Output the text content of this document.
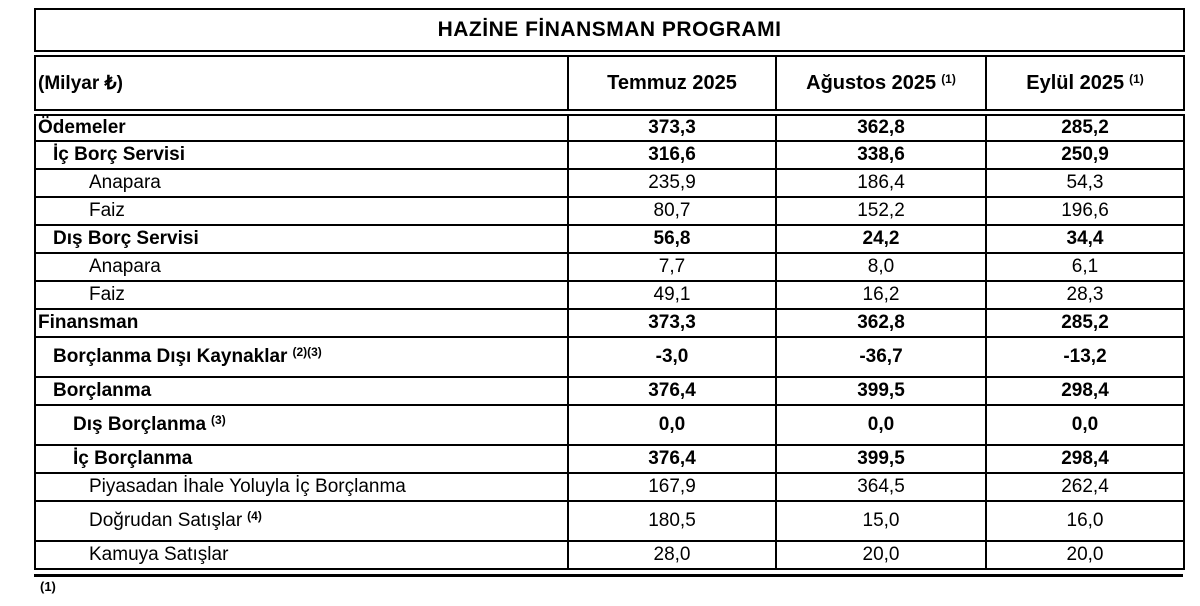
HAZİNE FİNANSMAN PROGRAMI			
(Milyar ₺)	Temmuz 2025	Ağustos 2025 $^{(1)}$	Eylül 2025 $^{(1)}$
Ödemeler	373,3	362,8	285,2
İç Borç Servisi	316,6	338,6	250,9
Anapara	235,9	186,4	54,3
Faiz	80,7	152,2	196,6
Dış Borç Servisi	56,8	24,2	34,4
Anapara	7,7	8,0	6,1
Faiz	49,1	16,2	28,3
Finansman	373,3	362,8	285,2
Borçlanma Dışı Kaynaklar $^{(2)(3)}$	-3,0	-36,7	-13,2
Borçlanma	376,4	399,5	298,4
Dış Borçlanma $^{(3)}$	0,0	0,0	0,0
İç Borçlanma	376,4	399,5	298,4
Piyasadan İhale Yoluyla İç Borçlanma	167,9	364,5	262,4
Doğrudan Satışlar $^{(4)}$	180,5	15,0	16,0
Kamuya Satışlar	28,0	20,0	20,0
(1)
